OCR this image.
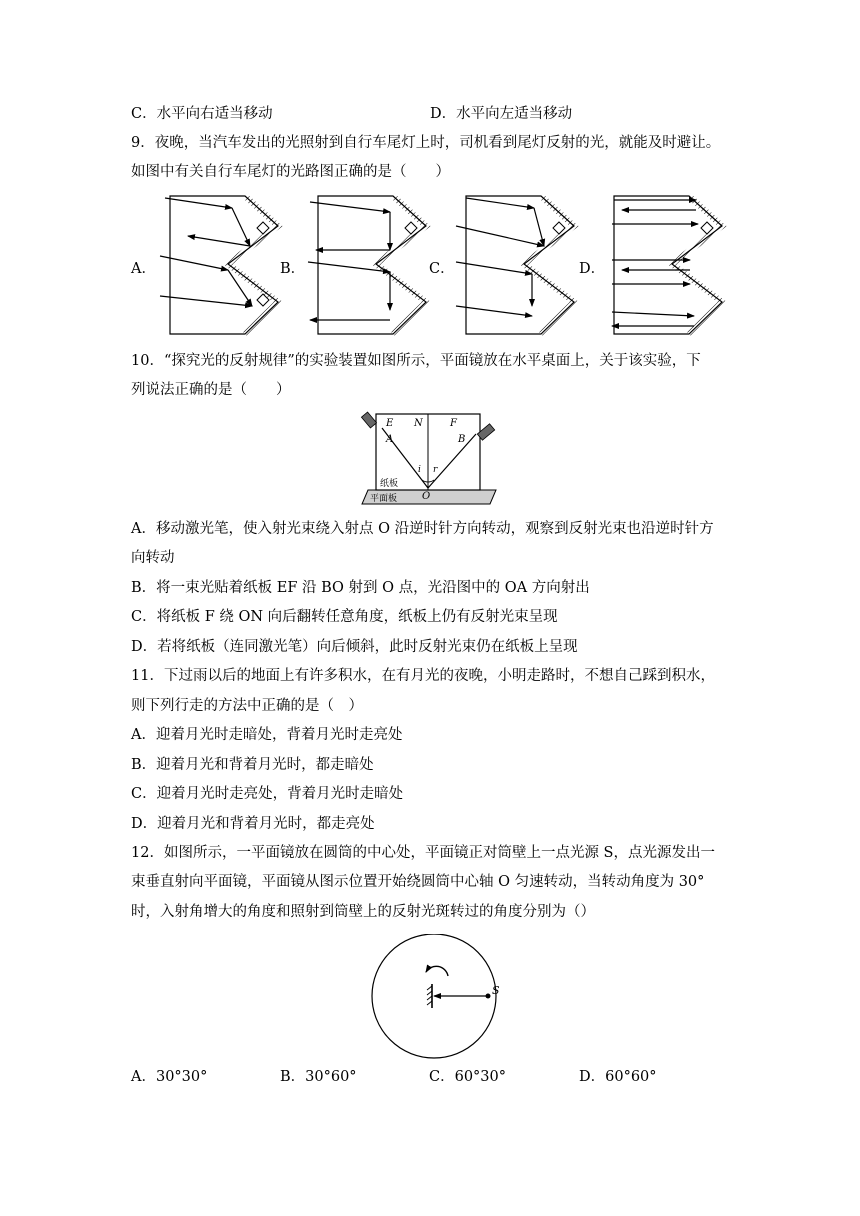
C．水平向右适当移动	D．水平向左适当移动
9．夜晚，当汽车发出的光照射到自行车尾灯上时，司机看到尾灯反射的光，就能及时避让。
如图中有关自行车尾灯的光路图正确的是（　　）
A．	B．	C．	D．
10．“探究光的反射规律”的实验装置如图所示，平面镜放在水平桌面上，关于该实验，下
列说法正确的是（　　）
E N	F
A	B
i r
O
纸板
平面板
A．移动激光笔，使入射光束绕入射点 O 沿逆时针方向转动，观察到反射光束也沿逆时针方
向转动
B．将一束光贴着纸板 EF 沿 BO 射到 O 点，光沿图中的 OA 方向射出
C．将纸板 F 绕 ON 向后翻转任意角度，纸板上仍有反射光束呈现
D．若将纸板（连同激光笔）向后倾斜，此时反射光束仍在纸板上呈现
11．下过雨以后的地面上有许多积水，在有月光的夜晚，小明走路时，不想自己踩到积水，
则下列行走的方法中正确的是（　）
A．迎着月光时走暗处，背着月光时走亮处
B．迎着月光和背着月光时，都走暗处
C．迎着月光时走亮处，背着月光时走暗处
D．迎着月光和背着月光时，都走亮处
12．如图所示，一平面镜放在圆筒的中心处，平面镜正对筒壁上一点光源 S，点光源发出一
束垂直射向平面镜，平面镜从图示位置开始绕圆筒中心轴 O 匀速转动，当转动角度为 30°
时，入射角增大的角度和照射到筒壁上的反射光斑转过的角度分别为（）
S
A．30°30°	B．30°60°	C．60°30°	D．60°60°
